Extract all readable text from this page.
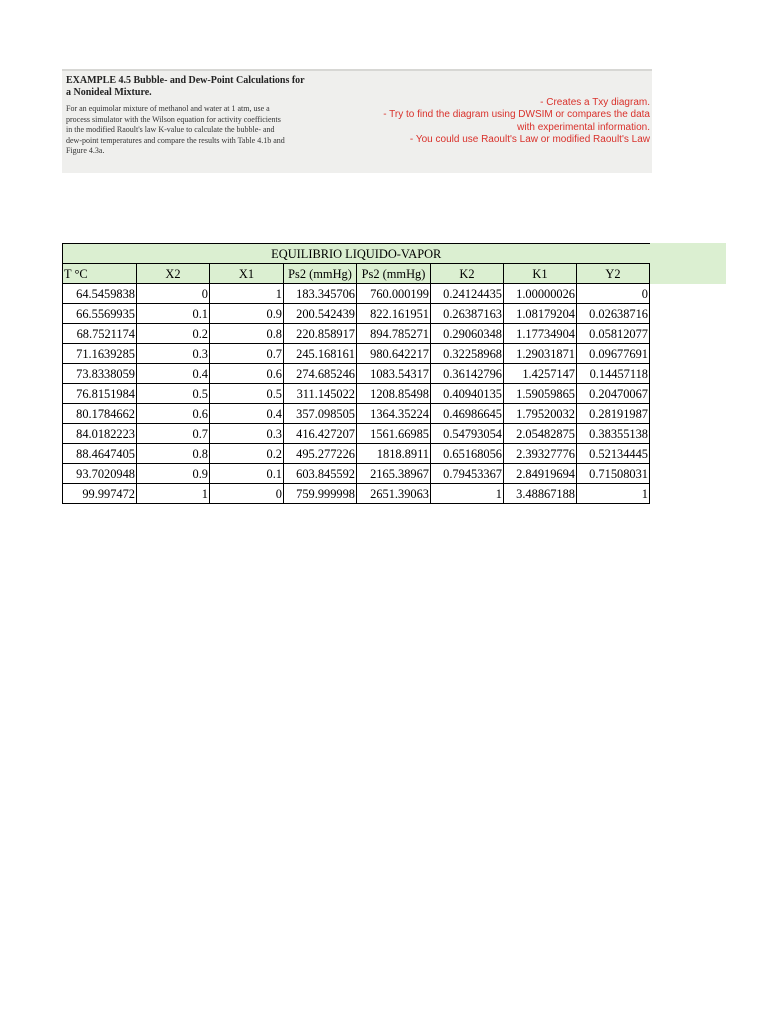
EXAMPLE 4.5 Bubble- and Dew-Point Calculations for
a Nonideal Mixture.
For an equimolar mixture of methanol and water at 1 atm, use a
process simulator with the Wilson equation for activity coefficients
in the modified Raoult's law K-value to calculate the bubble- and
dew-point temperatures and compare the results with Table 4.1b and
Figure 4.3a.
- Creates a Txy diagram.
- Try to find the diagram using DWSIM or compares the data
with experimental information.
- You could use Raoult's Law or modified Raoult's Law
EQUILIBRIO LIQUIDO-VAPOR							
T °C	X2	X1	Ps2 (mmHg)	Ps2 (mmHg)	K2	K1	Y2
64.5459838	0	1	183.345706	760.000199	0.24124435	1.00000026	0
66.5569935	0.1	0.9	200.542439	822.161951	0.26387163	1.08179204	0.02638716
68.7521174	0.2	0.8	220.858917	894.785271	0.29060348	1.17734904	0.05812077
71.1639285	0.3	0.7	245.168161	980.642217	0.32258968	1.29031871	0.09677691
73.8338059	0.4	0.6	274.685246	1083.54317	0.36142796	1.4257147	0.14457118
76.8151984	0.5	0.5	311.145022	1208.85498	0.40940135	1.59059865	0.20470067
80.1784662	0.6	0.4	357.098505	1364.35224	0.46986645	1.79520032	0.28191987
84.0182223	0.7	0.3	416.427207	1561.66985	0.54793054	2.05482875	0.38355138
88.4647405	0.8	0.2	495.277226	1818.8911	0.65168056	2.39327776	0.52134445
93.7020948	0.9	0.1	603.845592	2165.38967	0.79453367	2.84919694	0.71508031
99.997472	1	0	759.999998	2651.39063	1	3.48867188	1
